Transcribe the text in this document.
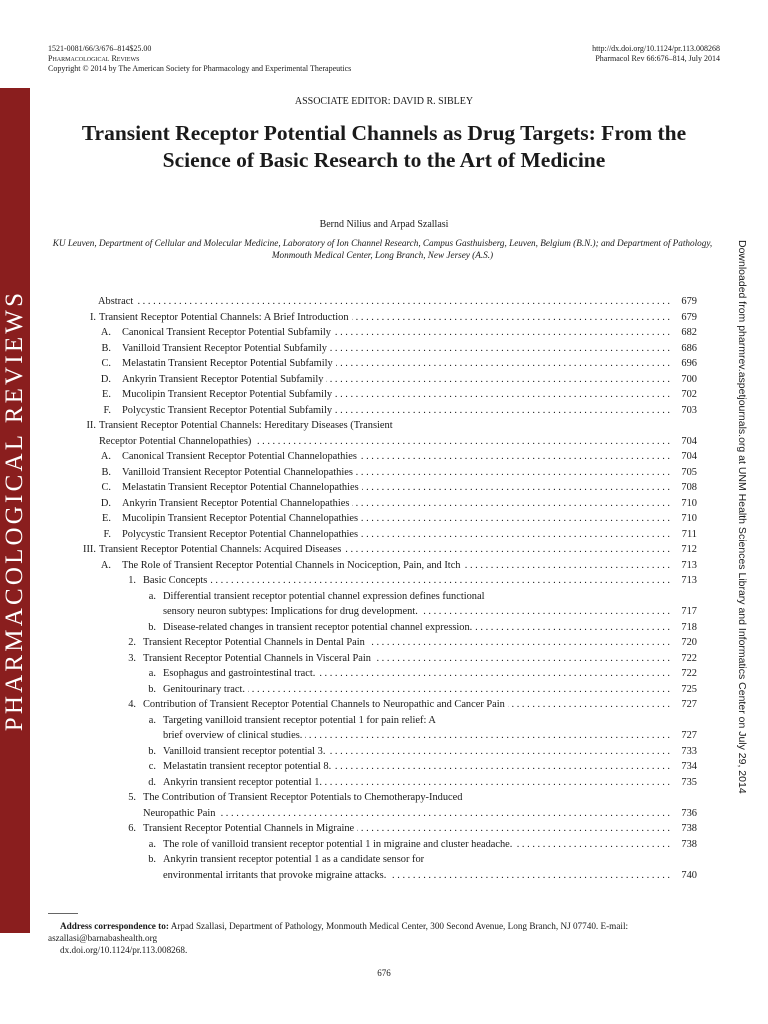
PHARMACOLOGICAL REVIEWS
1521-0081/66/3/676–814$25.00
Pharmacological Reviews
Copyright © 2014 by The American Society for Pharmacology and Experimental Therapeutics
http://dx.doi.org/10.1124/pr.113.008268
Pharmacol Rev 66:676–814, July 2014
ASSOCIATE EDITOR: DAVID R. SIBLEY
Transient Receptor Potential Channels as Drug Targets: From the Science of Basic Research to the Art of Medicine
Bernd Nilius and Arpad Szallasi
KU Leuven, Department of Cellular and Molecular Medicine, Laboratory of Ion Channel Research, Campus Gasthuisberg, Leuven, Belgium (B.N.); and Department of Pathology, Monmouth Medical Center, Long Branch, New Jersey (A.S.)
Abstract . . .	679
I. Transient Receptor Potential Channels: A Brief Introduction . . .	679
A. Canonical Transient Receptor Potential Subfamily . . .	682
B. Vanilloid Transient Receptor Potential Subfamily . . .	686
C. Melastatin Transient Receptor Potential Subfamily . . .	696
D. Ankyrin Transient Receptor Potential Subfamily . . .	700
E. Mucolipin Transient Receptor Potential Subfamily . . .	702
F. Polycystic Transient Receptor Potential Subfamily . . .	703
II. Transient Receptor Potential Channels: Hereditary Diseases (Transient
Receptor Potential Channelopathies) . . .	704
A. Canonical Transient Receptor Potential Channelopathies . . .	704
B. Vanilloid Transient Receptor Potential Channelopathies . . .	705
C. Melastatin Transient Receptor Potential Channelopathies . . .	708
D. Ankyrin Transient Receptor Potential Channelopathies . . .	710
E. Mucolipin Transient Receptor Potential Channelopathies . . .	710
F. Polycystic Transient Receptor Potential Channelopathies . . .	711
III. Transient Receptor Potential Channels: Acquired Diseases . . .	712
A. The Role of Transient Receptor Potential Channels in Nociception, Pain, and Itch . . .	713
1. Basic Concepts . . .	713
a. Differential transient receptor potential channel expression defines functional
sensory neuron subtypes: Implications for drug development. . . .	717
b. Disease-related changes in transient receptor potential channel expression. . . .	718
2. Transient Receptor Potential Channels in Dental Pain . . .	720
3. Transient Receptor Potential Channels in Visceral Pain . . .	722
a. Esophagus and gastrointestinal tract. . . .	722
b. Genitourinary tract. . . .	725
4. Contribution of Transient Receptor Potential Channels to Neuropathic and Cancer Pain . . .	727
a. Targeting vanilloid transient receptor potential 1 for pain relief: A
brief overview of clinical studies. . . .	727
b. Vanilloid transient receptor potential 3. . . .	733
c. Melastatin transient receptor potential 8. . . .	734
d. Ankyrin transient receptor potential 1. . . .	735
5. The Contribution of Transient Receptor Potentials to Chemotherapy-Induced
Neuropathic Pain . . .	736
6. Transient Receptor Potential Channels in Migraine . . .	738
a. The role of vanilloid transient receptor potential 1 in migraine and cluster headache. . . .	738
b. Ankyrin transient receptor potential 1 as a candidate sensor for
environmental irritants that provoke migraine attacks. . . .	740
Downloaded from pharmrev.aspetjournals.org at UNM Health Sciences Library and Informatics Center on July 29, 2014
Address correspondence to: Arpad Szallasi, Department of Pathology, Monmouth Medical Center, 300 Second Avenue, Long Branch, NJ 07740. E-mail: aszallasi@barnabashealth.org
dx.doi.org/10.1124/pr.113.008268.
676
